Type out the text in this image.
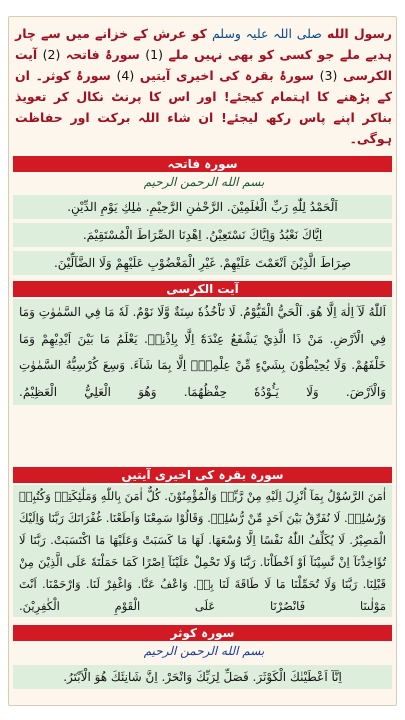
رسول الله صلی اللہ علیہ وسلم کو عرش کے خزانے میں سے چار ہدیے ملے جو کسی کو بھی نہیں ملے (1) سورۂ فاتحہ (2) آیت الکرسی (3) سورۂ بقرہ کی اخیری آیتیں (4) سورۂ کوثر۔ ان کے پڑھنے کا اہتمام کیجئے! اور اس کا پرنٹ نکال کر تعویذ بناکر اپنے پاس رکھ لیجئے! ان شاء اللہ برکت اور حفاظت ہوگی۔
سورہ فاتحہ
بسم الله الرحمن الرحيم
اَلْحَمْدُ لِلّٰهِ رَبِّ الْعٰلَمِيْنَ. الرَّحْمٰنِ الرَّحِيْمِ. مٰلِكِ يَوْمِ الدِّيْنِ.
اِيَّاكَ نَعْبُدُ وَاِيَّاكَ نَسْتَعِيْنُ. اِهْدِنَا الصِّرَاطَ الْمُسْتَقِيْمَ.
صِرَاطَ الَّذِيْنَ اَنْعَمْتَ عَلَيْهِمْ. غَيْرِ الْمَغْضُوْبِ عَلَيْهِمْ وَلَا الضَّآلِّيْنَ.
آیت الکرسی
اَللّٰهُ لَآ اِلٰهَ اِلَّا هُوَ. اَلْحَيُّ الْقَيُّوْمُ. لَا تَاْخُذُهٗ سِنَةٌ وَّلَا نَوْمٌ. لَهٗ مَا فِي السَّمٰوٰتِ وَمَا فِي الْاَرْضِ. مَنْ ذَا الَّذِيْ يَشْفَعُ عِنْدَهٗٓ اِلَّا بِاِذْنِهٖ. يَعْلَمُ مَا بَيْنَ اَيْدِيْهِمْ وَمَا خَلْفَهُمْ. وَلَا يُحِيْطُوْنَ بِشَيْءٍ مِّنْ عِلْمِهٖٓ اِلَّا بِمَا شَآءَ. وَسِعَ كُرْسِيُّهُ السَّمٰوٰتِ وَالْاَرْضَ. وَلَا يَـُٔوْدُهٗ حِفْظُهُمَا. وَهُوَ الْعَلِيُّ الْعَظِيْمُ.
سورہ بقرہ کی اخیری آیتیں
اٰمَنَ الرَّسُوْلُ بِمَآ اُنْزِلَ اِلَيْهِ مِنْ رَّبِّهٖ وَالْمُؤْمِنُوْنَ. كُلٌّ اٰمَنَ بِاللّٰهِ وَمَلٰٓئِكَتِهٖ وَكُتُبِهٖ وَرُسُلِهٖ. لَا نُفَرِّقُ بَيْنَ اَحَدٍ مِّنْ رُّسُلِهٖ. وَقَالُوْا سَمِعْنَا وَاَطَعْنَا. غُفْرَانَكَ رَبَّنَا وَاِلَيْكَ الْمَصِيْرُ. لَا يُكَلِّفُ اللّٰهُ نَفْسًا اِلَّا وُسْعَهَا. لَهَا مَا كَسَبَتْ وَعَلَيْهَا مَا اكْتَسَبَتْ. رَبَّنَا لَا تُؤَاخِذْنَآ اِنْ نَّسِيْنَآ اَوْ اَخْطَاْنَا. رَبَّنَا وَلَا تَحْمِلْ عَلَيْنَآ اِصْرًا كَمَا حَمَلْتَهٗ عَلَى الَّذِيْنَ مِنْ قَبْلِنَا. رَبَّنَا وَلَا تُحَمِّلْنَا مَا لَا طَاقَةَ لَنَا بِهٖ. وَاعْفُ عَنَّا. وَاغْفِرْ لَنَا. وَارْحَمْنَا. اَنْتَ مَوْلٰىنَا فَانْصُرْنَا عَلَى الْقَوْمِ الْكٰفِرِيْنَ.
سورہ کوثر
بسم الله الرحمن الرحيم
اِنَّآ اَعْطَيْنٰكَ الْكَوْثَرَ. فَصَلِّ لِرَبِّكَ وَانْحَرْ. اِنَّ شَانِئَكَ هُوَ الْاَبْتَرُ.
